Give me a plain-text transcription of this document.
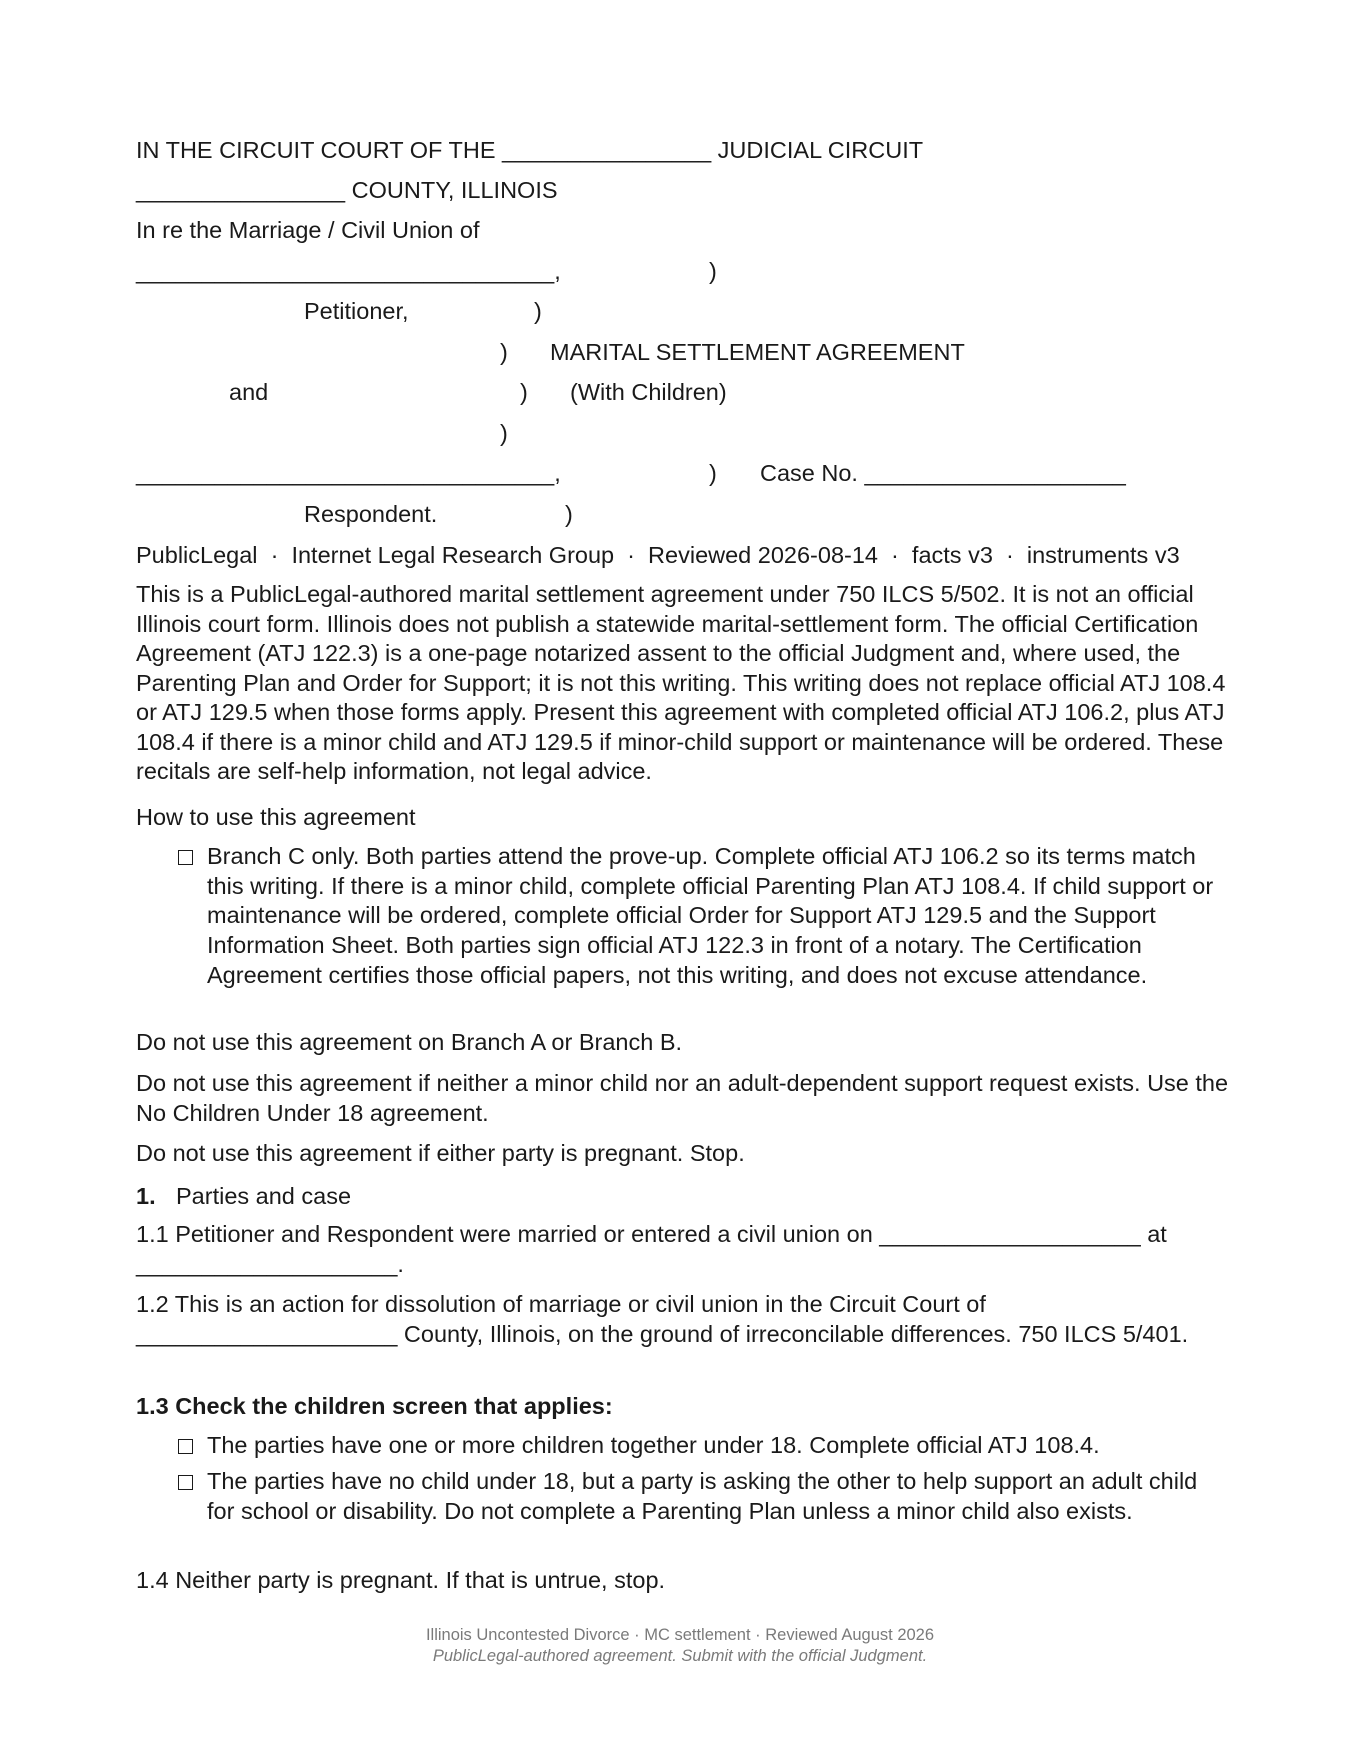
IN THE CIRCUIT COURT OF THE ________________ JUDICIAL CIRCUIT
________________ COUNTY, ILLINOIS
In re the Marriage / Civil Union of
________________________________,	)
Petitioner,	)
) MARITAL SETTLEMENT AGREEMENT
and	) (With Children)
)
________________________________,	) Case No. ____________________
Respondent.	)
PublicLegal  ·  Internet Legal Research Group  ·  Reviewed 2026-08-14  ·  facts v3  ·  instruments v3
This is a PublicLegal-authored marital settlement agreement under 750 ILCS 5/502. It is not an official Illinois court form. Illinois does not publish a statewide marital-settlement form. The official Certification Agreement (ATJ 122.3) is a one-page notarized assent to the official Judgment and, where used, the Parenting Plan and Order for Support; it is not this writing. This writing does not replace official ATJ 108.4 or ATJ 129.5 when those forms apply. Present this agreement with completed official ATJ 106.2, plus ATJ 108.4 if there is a minor child and ATJ 129.5 if minor-child support or maintenance will be ordered. These recitals are self-help information, not legal advice.
How to use this agreement
Branch C only. Both parties attend the prove-up. Complete official ATJ 106.2 so its terms match this writing. If there is a minor child, complete official Parenting Plan ATJ 108.4. If child support or maintenance will be ordered, complete official Order for Support ATJ 129.5 and the Support Information Sheet. Both parties sign official ATJ 122.3 in front of a notary. The Certification Agreement certifies those official papers, not this writing, and does not excuse attendance.
Do not use this agreement on Branch A or Branch B.
Do not use this agreement if neither a minor child nor an adult-dependent support request exists. Use the No Children Under 18 agreement.
Do not use this agreement if either party is pregnant. Stop.
1. Parties and case
1.1 Petitioner and Respondent were married or entered a civil union on ____________________ at ____________________.
1.2 This is an action for dissolution of marriage or civil union in the Circuit Court of ____________________ County, Illinois, on the ground of irreconcilable differences. 750 ILCS 5/401.
1.3 Check the children screen that applies:
The parties have one or more children together under 18. Complete official ATJ 108.4.
The parties have no child under 18, but a party is asking the other to help support an adult child for school or disability. Do not complete a Parenting Plan unless a minor child also exists.
1.4 Neither party is pregnant. If that is untrue, stop.
Illinois Uncontested Divorce · MC settlement · Reviewed August 2026
PublicLegal-authored agreement. Submit with the official Judgment.
